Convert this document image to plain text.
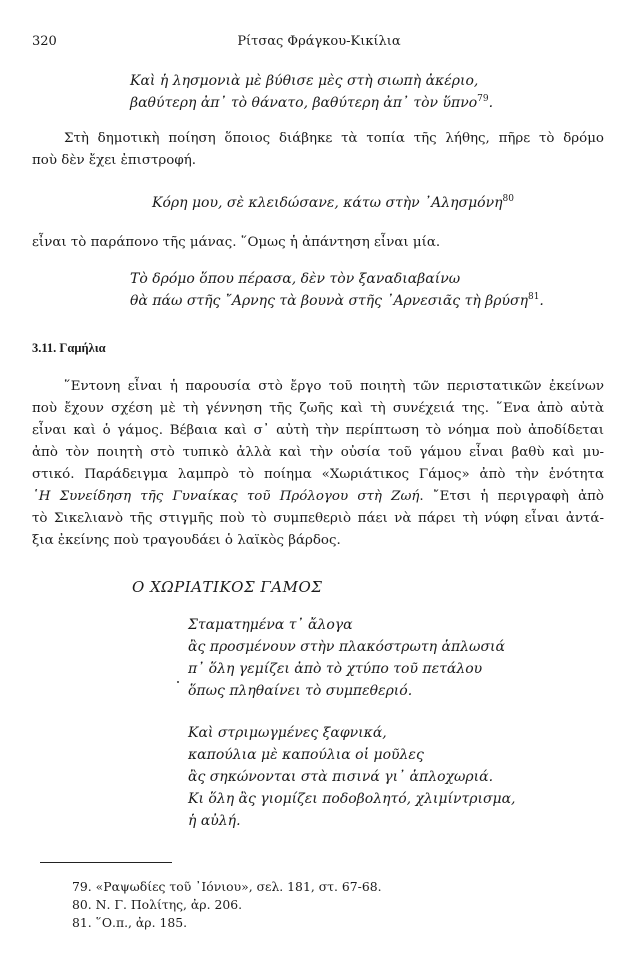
320	Ρίτσας Φράγκου-Κικίλια
Καὶ ἡ λησμονιὰ μὲ βύθισε μὲς στὴ σιωπὴ ἀκέριο,
βαθύτερη ἀπ᾽ τὸ θάνατο, βαθύτερη ἀπ᾽ τὸν ὕπνο$^{79}$.
Στὴ δημοτικὴ ποίηση ὅποιος διάβηκε τὰ τοπία τῆς λήθης, πῆρε τὸ δρόμο
ποὺ δὲν ἔχει ἐπιστροφή.
Κόρη μου, σὲ κλειδώσανε, κάτω στὴν ᾽Αλησμόνη$^{80}$
εἶναι τὸ παράπονο τῆς μάνας. ῞Ομως ἡ ἀπάντηση εἶναι μία.
Τὸ δρόμο ὅπου πέρασα, δὲν τὸν ξαναδιαβαίνω
θὰ πάω στῆς ῎Αρνης τὰ βουνὰ στῆς ᾽Αρνεσιᾶς τὴ βρύση$^{81}$.
3.11. Γαμήλια
῞Εντονη εἶναι ἡ παρουσία στὸ ἔργο τοῦ ποιητὴ τῶν περιστατικῶν ἐκείνων
ποὺ ἔχουν σχέση μὲ τὴ γέννηση τῆς ζωῆς καὶ τὴ συνέχειά της. ῞Ενα ἀπὸ αὐτὰ
εἶναι καὶ ὁ γάμος. Βέβαια καὶ σ᾽ αὐτὴ τὴν περίπτωση τὸ νόημα ποὺ ἀποδίδεται
ἀπὸ τὸν ποιητὴ στὸ τυπικὸ ἀλλὰ καὶ τὴν οὐσία τοῦ γάμου εἶναι βαθὺ καὶ μυ-
στικό. Παράδειγμα λαμπρὸ τὸ ποίημα «Χωριάτικος Γάμος» ἀπὸ τὴν ἑνότητα
῾Η Συνείδηση τῆς Γυναίκας τοῦ Πρόλογου στὴ Ζωή. ῎Ετσι ἡ περιγραφὴ ἀπὸ
τὸ Σικελιανὸ τῆς στιγμῆς ποὺ τὸ συμπεθεριὸ πάει νὰ πάρει τὴ νύφη εἶναι ἀντά-
ξια ἐκείνης ποὺ τραγουδάει ὁ λαϊκὸς βάρδος.
Ο ΧΩΡΙΑΤΙΚΟΣ ΓΑΜΟΣ
Σταματημένα τ᾽ ἄλογα
ἂς προσμένουν στὴν πλακόστρωτη ἁπλωσιά
π᾽ ὅλη γεμίζει ἀπὸ τὸ χτύπο τοῦ πετάλου
ὅπως πληθαίνει τὸ συμπεθεριό.
Καὶ στριμωγμένες ξαφνικά,
καπούλια μὲ καπούλια οἱ μοῦλες
ἂς σηκώνονται στὰ πισινά γι᾽ ἁπλοχωριά.
Κι ὅλη ἂς γιομίζει ποδοβολητό, χλιμίντρισμα,
ἡ αὐλή.
79. «Ραψωδίες τοῦ ᾽Ιόνιου», σελ. 181, στ. 67-68.
80. Ν. Γ. Πολίτης, ἀρ. 206.
81. ῞Ο.π., ἀρ. 185.
